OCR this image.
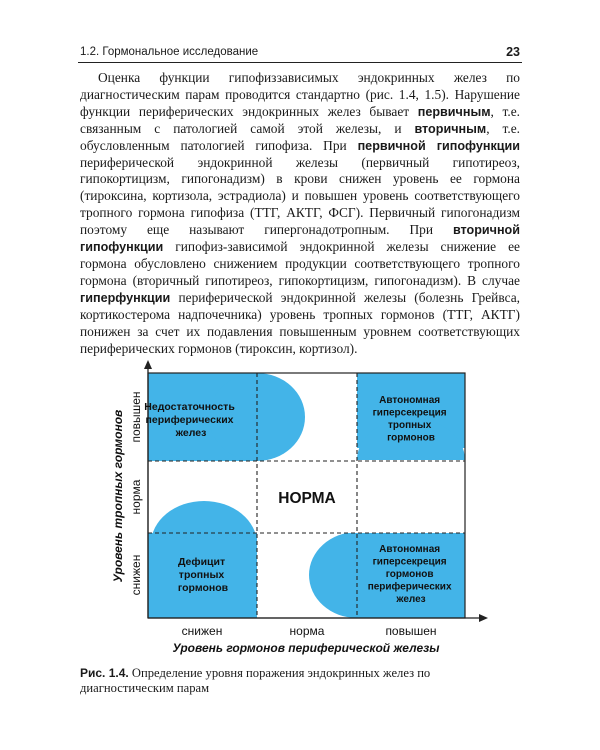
1.2. Гормональное исследование	23

Оценка функции гипофиззависимых эндокринных желез по диагностическим парам проводится стандартно (рис. 1.4, 1.5). Нарушение функции периферических эндокринных желез бывает первичным, т.е. связанным с патологией самой этой железы, и вторичным, т.е. обусловленным патологией гипофиза. При первичной гипофункции периферической эндокринной железы (первичный гипотиреоз, гипокортицизм, гипогонадизм) в крови снижен уровень ее гормона (тироксина, кортизола, эстрадиола) и повышен уровень соответствующего тропного гормона гипофиза (ТТГ, АКТГ, ФСГ). Первичный гипогонадизм поэтому еще называют гипергонадотропным. При вторичной гипофункции гипофиз-зависимой эндокринной железы снижение ее гормона обусловлено снижением продукции соответствующего тропного гормона (вторичный гипотиреоз, гипокортицизм, гипогонадизм). В случае гиперфункции периферической эндокринной железы (болезнь Грейвса, кортикостерома надпочечника) уровень тропных гормонов (ТТГ, АКТГ) понижен за счет их подавления повышенным уровнем соответствующих периферических гормонов (тироксин, кортизол).

Недостаточность периферических желез
Автономная гиперсекреция тропных гормонов
НОРМА
Дефицит тропных гормонов
Автономная гиперсекреция гормонов периферических желез
снижен	норма	повышен
Уровень гормонов периферической железы
снижен
норма
повышен
Уровень тропных гормонов
Рис. 1.4. Определение уровня поражения эндокринных желез по диагностическим парам
